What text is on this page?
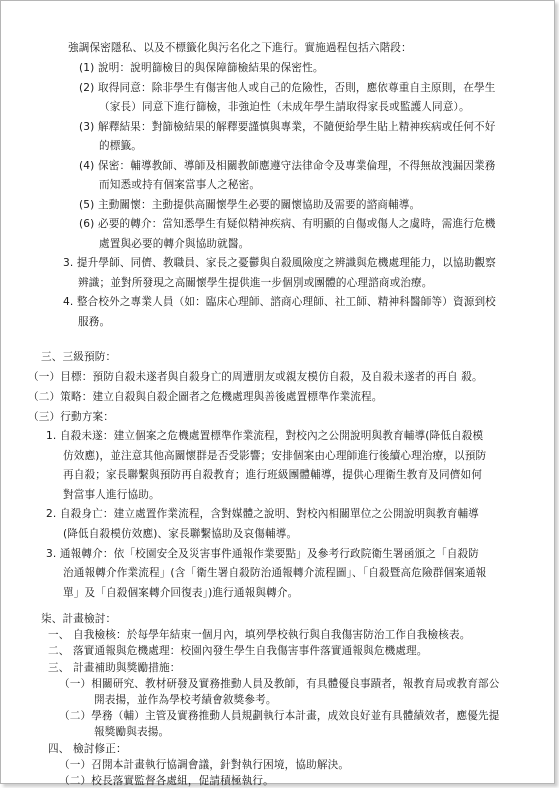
強調保密隱私、以及不標籤化與污名化之下進行。實施過程包括六階段：
(1) 說明：說明篩檢目的與保障篩檢結果的保密性。
(2) 取得同意：除非學生有傷害他人或自己的危險性，否則，應依尊重自主原則，在學生
（家長）同意下進行篩檢，非強迫性（未成年學生請取得家長或監護人同意）。
(3) 解釋結果：對篩檢結果的解釋要謹慎與專業，不隨便給學生貼上精神疾病或任何不好
的標籤。
(4) 保密：輔導教師、導師及相關教師應遵守法律命令及專業倫理，不得無故洩漏因業務
而知悉或持有個案當事人之秘密。
(5) 主動關懷：主動提供高關懷學生必要的關懷協助及需要的諮商輔導。
(6) 必要的轉介：當知悉學生有疑似精神疾病、有明顯的自傷或傷人之虞時，需進行危機
處置與必要的轉介與協助就醫。
3. 提升學師、同儕、教職員、家長之憂鬱與自殺風險度之辨識與危機處理能力，以協助觀察
辨識；並對所發現之高關懷學生提供進一步個別或團體的心理諮商或治療。
4. 整合校外之專業人員（如：臨床心理師、諮商心理師、社工師、精神科醫師等）資源到校
服務。
三、三級預防：
（一）目標：預防自殺未遂者與自殺身亡的周遭朋友或親友模仿自殺，及自殺未遂者的再自 殺。
（二）策略：建立自殺與自殺企圖者之危機處理與善後處置標準作業流程。
（三）行動方案：
1. 自殺未遂：建立個案之危機處置標準作業流程，對校內之公開說明與教育輔導(降低自殺模
仿效應)，並注意其他高關懷群是否受影響；安排個案由心理師進行後續心理治療，以預防
再自殺；家長聯繫與預防再自殺教育；進行班級團體輔導，提供心理衛生教育及同儕如何
對當事人進行協助。
2. 自殺身亡：建立處置作業流程，含對媒體之說明、對校內相關單位之公開說明與教育輔導
(降低自殺模仿效應)、家長聯繫協助及哀傷輔導。
3. 通報轉介：依「校園安全及災害事件通報作業要點」及參考行政院衛生署函頒之「自殺防
治通報轉介作業流程」(含「衛生署自殺防治通報轉介流程圖」、「自殺暨高危險群個案通報
單」及「自殺個案轉介回復表」)進行通報與轉介。
柒、計畫檢討：
一、 自我檢核：於每學年結束一個月內，填列學校執行與自我傷害防治工作自我檢核表。
二、 落實通報與危機處理：校園內發生學生自我傷害事件落實通報與危機處理。
三、 計畫補助與獎勵措施：
（一）相關研究、教材研發及實務推動人員及教師，有具體優良事蹟者，報教育局或教育部公
開表揚，並作為學校考績會敘獎參考。
（二）學務（輔）主管及實務推動人員規劃執行本計畫，成效良好並有具體績效者，應優先提
報獎勵與表揚。
四、 檢討修正：
（一）召開本計畫執行協調會議，針對執行困境，協助解決。
（二）校長落實監督各處組，促請積極執行。
